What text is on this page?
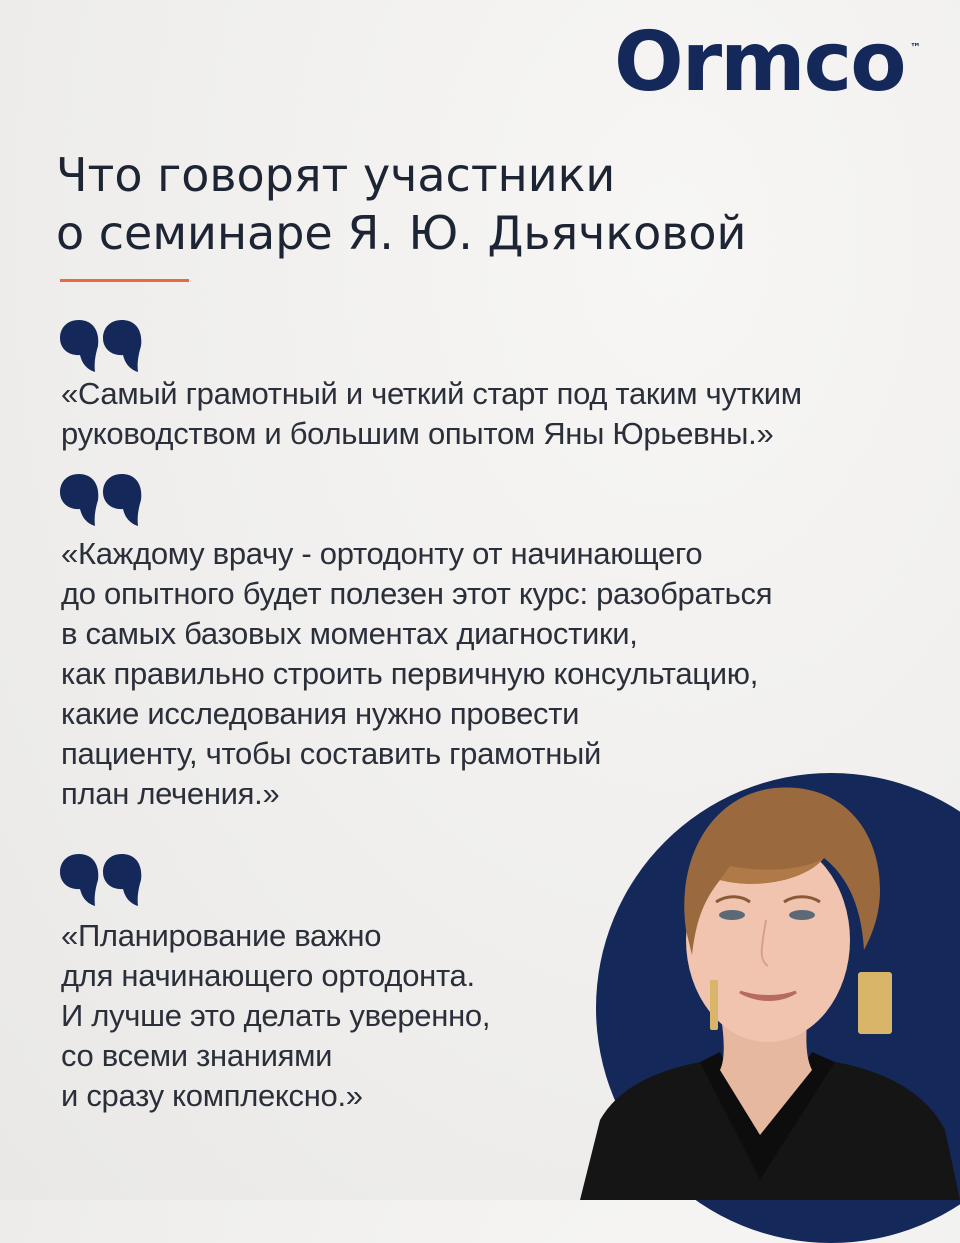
Ormco ™
Что говорят участники
о семинаре Я. Ю. Дьячковой

«Самый грамотный и четкий старт под таким чутким
руководством и большим опытом Яны Юрьевны.»

«Каждому врачу - ортодонту от начинающего
до опытного будет полезен этот курс: разобраться
в самых базовых моментах диагностики,
как правильно строить первичную консультацию,
какие исследования нужно провести
пациенту, чтобы составить грамотный
план лечения.»

«Планирование важно
для начинающего ортодонта.
И лучше это делать уверенно,
со всеми знаниями
и сразу комплексно.»
